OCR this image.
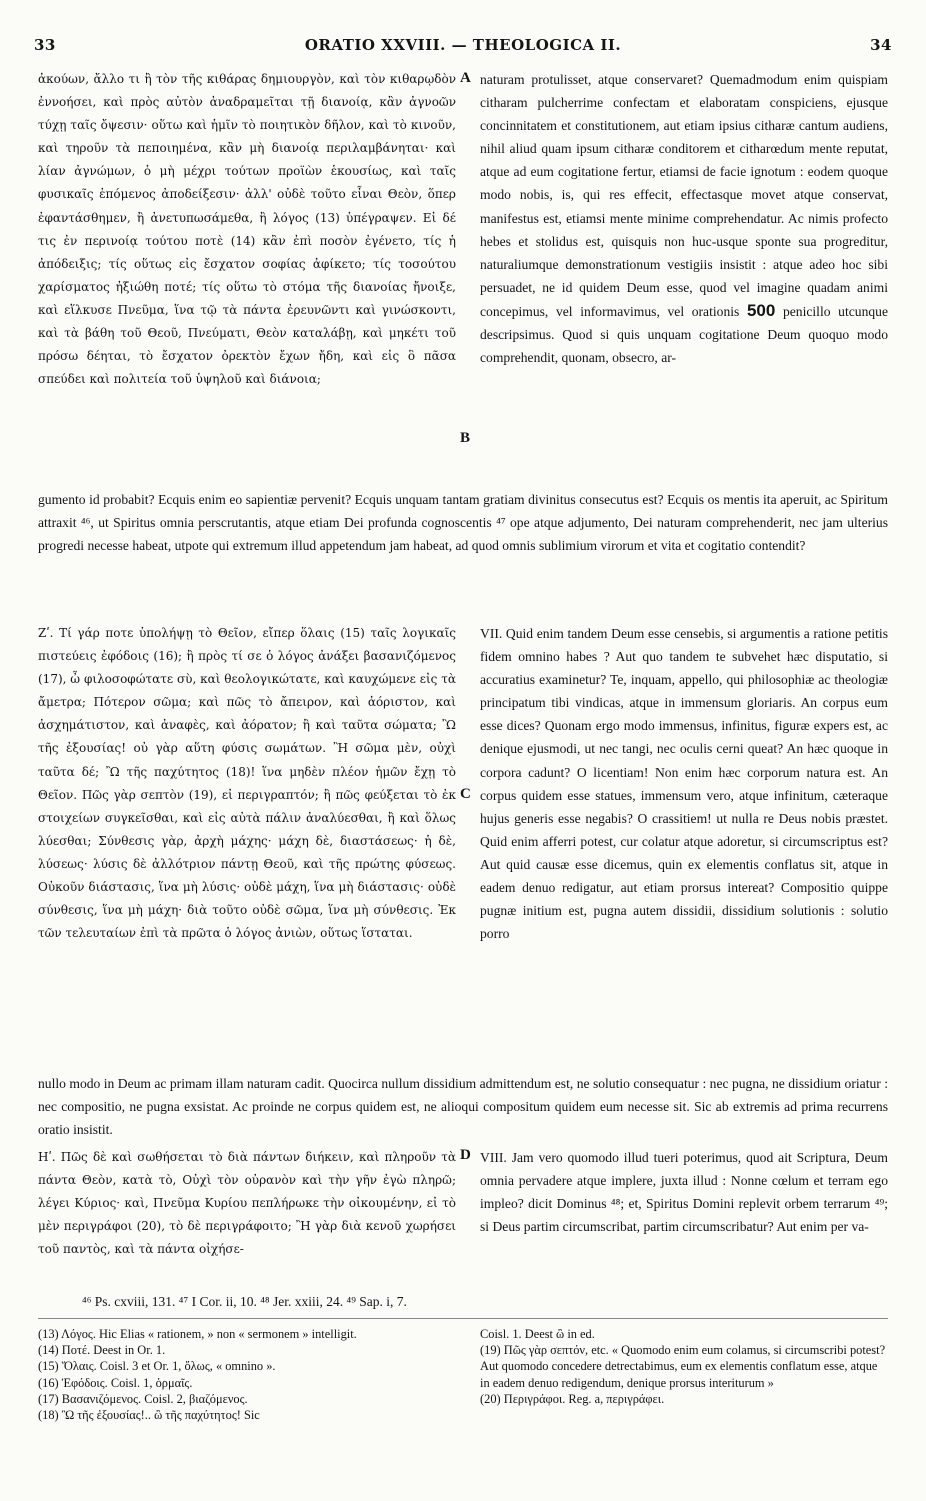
33	ORATIO XXVIII. — THEOLOGICA II.	34
ἀκούων, ἄλλο τι ἢ τὸν τῆς κιθάρας δημιουργὸν, καὶ τὸν κιθαρῳδὸν ἐννοήσει, καὶ πρὸς αὐτὸν ἀναδραμεῖται τῇ διανοίᾳ, κἂν ἀγνοῶν τύχῃ ταῖς ὄψεσιν· οὕτω καὶ ἡμῖν τὸ ποιητικὸν δῆλον, καὶ τὸ κινοῦν, καὶ τηροῦν τὰ πεποιημένα, κἂν μὴ διανοίᾳ περιλαμβάνηται· καὶ λίαν ἀγνώμων, ὁ μὴ μέχρι τούτων προϊὼν ἑκουσίως, καὶ ταῖς φυσικαῖς ἑπόμενος ἀποδείξεσιν· ἀλλ' οὐδὲ τοῦτο εἶναι Θεὸν, ὅπερ ἐφαντάσθημεν, ἢ ἀνετυπωσάμεθα, ἢ λόγος (13) ὑπέγραψεν. Εἰ δέ τις ἐν περινοίᾳ τούτου ποτὲ (14) κἂν ἐπὶ ποσὸν ἐγένετο, τίς ἡ ἀπόδειξις; τίς οὕτως εἰς ἔσχατον σοφίας ἀφίκετο; τίς τοσούτου χαρίσματος ἠξιώθη ποτέ; τίς οὕτω τὸ στόμα τῆς διανοίας ἤνοιξε, καὶ εἵλκυσε Πνεῦμα, ἵνα τῷ τὰ πάντα ἐρευνῶντι καὶ γινώσκοντι, καὶ τὰ βάθη τοῦ Θεοῦ, Πνεύματι, Θεὸν καταλάβῃ, καὶ μηκέτι τοῦ πρόσω δέηται, τὸ ἔσχατον ὀρεκτὸν ἔχων ἤδη, καὶ εἰς ὃ πᾶσα σπεύδει καὶ πολιτεία τοῦ ὑψηλοῦ καὶ διάνοια;
A naturam protulisset, atque conservaret? Quemadmodum enim quispiam citharam pulcherrime confectam et elaboratam conspiciens, ejusque concinnitatem et constitutionem, aut etiam ipsius citharæ cantum audiens, nihil aliud quam ipsum citharæ conditorem et citharœdum mente reputat, atque ad eum cogitatione fertur, etiamsi de facie ignotum : eodem quoque modo nobis, is, qui res effecit, effectasque movet atque conservat, manifestus est, etiamsi mente minime comprehendatur. Ac nimis profecto hebes et stolidus est, quisquis non huc-usque sponte sua progreditur, naturaliumque demonstrationum vestigiis insistit : atque adeo hoc sibi persuadet, ne id quidem Deum esse, quod vel imagine quadam animi concepimus, vel informavimus, vel orationis 500 penicillo utcunque descripsimus. Quod si quis unquam cogitatione Deum quoquo modo comprehendit, quonam, obsecro, ar-
B
gumento id probabit? Ecquis enim eo sapientiæ pervenit? Ecquis unquam tantam gratiam divinitus consecutus est? Ecquis os mentis ita aperuit, ac Spiritum attraxit ⁴⁶, ut Spiritus omnia perscrutantis, atque etiam Dei profunda cognoscentis ⁴⁷ ope atque adjumento, Dei naturam comprehenderit, nec jam ulterius progredi necesse habeat, utpote qui extremum illud appetendum jam habeat, ad quod omnis sublimium virorum et vita et cogitatio contendit?
Ζʹ. Τί γάρ ποτε ὑπολήψῃ τὸ Θεῖον, εἴπερ ὅλαις (15) ταῖς λογικαῖς πιστεύεις ἐφόδοις (16); ἢ πρὸς τί σε ὁ λόγος ἀνάξει βασανιζόμενος (17), ὦ φιλοσοφώτατε σὺ, καὶ θεολογικώτατε, καὶ καυχώμενε εἰς τὰ ἄμετρα; Πότερον σῶμα; καὶ πῶς τὸ ἄπειρον, καὶ ἀόριστον, καὶ ἀσχημάτιστον, καὶ ἀναφὲς, καὶ ἀόρατον; ἢ καὶ ταῦτα σώματα; Ὢ τῆς ἐξουσίας! οὐ γὰρ αὕτη φύσις σωμάτων. Ἢ σῶμα μὲν, οὐχὶ ταῦτα δέ; Ὢ τῆς παχύτητος (18)! ἵνα μηδὲν πλέον ἡμῶν ἔχῃ τὸ Θεῖον. Πῶς γὰρ σεπτὸν (19), εἰ περιγραπτόν; ἢ πῶς φεύξεται τὸ ἐκ στοιχείων συγκεῖσθαι, καὶ εἰς αὐτὰ πάλιν ἀναλύεσθαι, ἢ καὶ ὅλως λύεσθαι; Σύνθεσις γὰρ, ἀρχὴ μάχης· μάχη δὲ, διαστάσεως· ἡ δὲ, λύσεως· λύσις δὲ ἀλλότριον πάντῃ Θεοῦ, καὶ τῆς πρώτης φύσεως. Οὐκοῦν διάστασις, ἵνα μὴ λύσις· οὐδὲ μάχη, ἵνα μὴ διάστασις· οὐδὲ σύνθεσις, ἵνα μὴ μάχη· διὰ τοῦτο οὐδὲ σῶμα, ἵνα μὴ σύνθεσις. Ἐκ τῶν τελευταίων ἐπὶ τὰ πρῶτα ὁ λόγος ἀνιὼν, οὕτως ἵσταται.
C
VII. Quid enim tandem Deum esse censebis, si argumentis a ratione petitis fidem omnino habes ? Aut quo tandem te subvehet hæc disputatio, si accuratius examinetur? Te, inquam, appello, qui philosophiæ ac theologiæ principatum tibi vindicas, atque in immensum gloriaris. An corpus eum esse dices? Quonam ergo modo immensus, infinitus, figuræ expers est, ac denique ejusmodi, ut nec tangi, nec oculis cerni queat? An hæc quoque in corpora cadunt? O licentiam! Non enim hæc corporum natura est. An corpus quidem esse statues, immensum vero, atque infinitum, cæteraque hujus generis esse negabis? O crassitiem! ut nulla re Deus nobis præstet. Quid enim afferri potest, cur colatur atque adoretur, si circumscriptus est? Aut quid causæ esse dicemus, quin ex elementis conflatus sit, atque in eadem denuo redigatur, aut etiam prorsus intereat? Compositio quippe pugnæ initium est, pugna autem dissidii, dissidium solutionis : solutio porro
nullo modo in Deum ac primam illam naturam cadit. Quocirca nullum dissidium admittendum est, ne solutio consequatur : nec pugna, ne dissidium oriatur : nec compositio, ne pugna exsistat. Ac proinde ne corpus quidem est, ne alioqui compositum quidem eum necesse sit. Sic ab extremis ad prima recurrens oratio insistit.
Ηʹ. Πῶς δὲ καὶ σωθήσεται τὸ διὰ πάντων διήκειν, καὶ πληροῦν τὰ πάντα Θεὸν, κατὰ τὸ, Οὐχὶ τὸν οὐρανὸν καὶ τὴν γῆν ἐγὼ πληρῶ; λέγει Κύριος· καὶ, Πνεῦμα Κυρίου πεπλήρωκε τὴν οἰκουμένην, εἰ τὸ μὲν περιγράφοι (20), τὸ δὲ περιγράφοιτο; Ἢ γὰρ διὰ κενοῦ χωρήσει τοῦ παντὸς, καὶ τὰ πάντα οἰχήσε-
D VIII. Jam vero quomodo illud tueri poterimus, quod ait Scriptura, Deum omnia pervadere atque implere, juxta illud : Nonne cœlum et terram ego impleo? dicit Dominus ⁴⁸; et, Spiritus Domini replevit orbem terrarum ⁴⁹; si Deus partim circumscribat, partim circumscribatur? Aut enim per va-
⁴⁶ Ps. cxviii, 131. ⁴⁷ I Cor. ii, 10. ⁴⁸ Jer. xxiii, 24. ⁴⁹ Sap. i, 7.

(13) Λόγος. Hic Elias « rationem, » non « sermonem » intelligit.

(14) Ποτέ. Deest in Or. 1.

(15) Ὅλαις. Coisl. 3 et Or. 1, ὅλως, « omnino ».

(16) Ἐφόδοις. Coisl. 1, ὁρμαῖς.

(17) Βασανιζόμενος. Coisl. 2, βιαζόμενος.

(18) Ὢ τῆς ἐξουσίας!.. ὢ τῆς παχύτητος! Sic

Coisl. 1. Deest ὢ in ed.

(19) Πῶς γὰρ σεπτόν, etc. « Quomodo enim eum colamus, si circumscribi potest? Aut quomodo concedere detrectabimus, eum ex elementis conflatum esse, atque in eadem denuo redigendum, denique prorsus interiturum »

(20) Περιγράφοι. Reg. a, περιγράφει.
